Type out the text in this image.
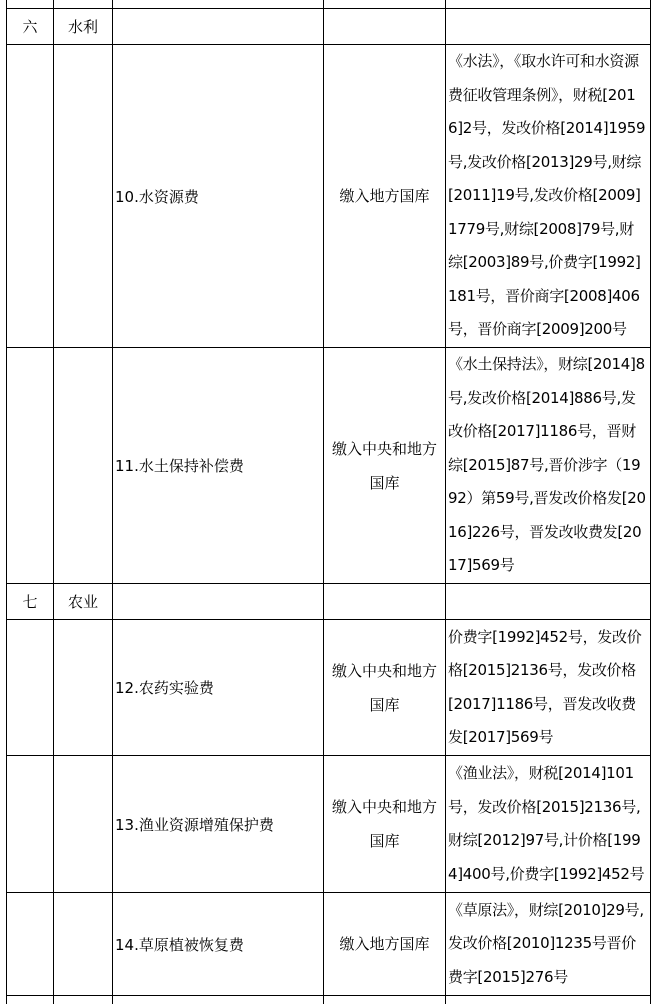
六	水利			
		10.水资源费	缴入地方国库	《水法》，《取水许可和水资源费征收管理条例》，财税[2016]2号，发改价格[2014]1959号,发改价格[2013]29号,财综[2011]19号,发改价格[2009]1779号,财综[2008]79号,财综[2003]89号,价费字[1992]181号，晋价商字[2008]406号，晋价商字[2009]200号
		11.水土保持补偿费	缴入中央和地方国库	《水土保持法》，财综[2014]8号,发改价格[2014]886号,发改价格[2017]1186号，晋财综[2015]87号,晋价涉字（1992）第59号,晋发改价格发[2016]226号，晋发改收费发[2017]569号
七	农业			
		12.农药实验费	缴入中央和地方国库	价费字[1992]452号，发改价格[2015]2136号，发改价格[2017]1186号，晋发改收费发[2017]569号
		13.渔业资源增殖保护费	缴入中央和地方国库	《渔业法》，财税[2014]101号，发改价格[2015]2136号,财综[2012]97号,计价格[1994]400号,价费字[1992]452号
		14.草原植被恢复费	缴入地方国库	《草原法》，财综[2010]29号,发改价格[2010]1235号晋价费字[2015]276号
